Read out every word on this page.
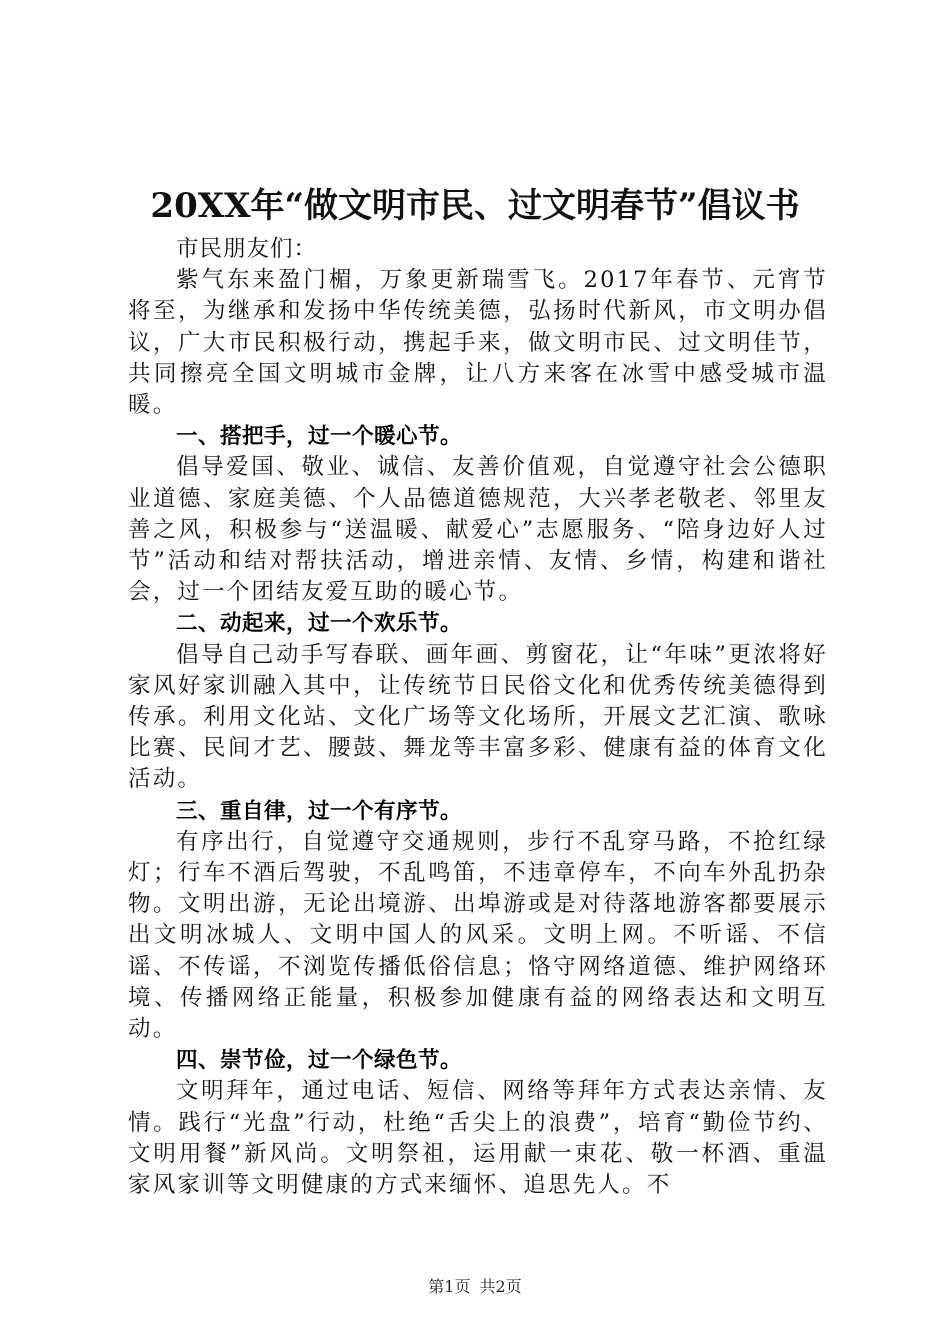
20XX年“做文明市民、过文明春节”倡议书

市民朋友们：

紫气东来盈门楣，万象更新瑞雪飞。2017年春节、元宵节将至，为继承和发扬中华传统美德，弘扬时代新风，市文明办倡议，广大市民积极行动，携起手来，做文明市民、过文明佳节，共同擦亮全国文明城市金牌，让八方来客在冰雪中感受城市温暖。

一、搭把手，过一个暖心节。

倡导爱国、敬业、诚信、友善价值观，自觉遵守社会公德职业道德、家庭美德、个人品德道德规范，大兴孝老敬老、邻里友善之风，积极参与“送温暖、献爱心”志愿服务、“陪身边好人过节”活动和结对帮扶活动，增进亲情、友情、乡情，构建和谐社会，过一个团结友爱互助的暖心节。

二、动起来，过一个欢乐节。

倡导自己动手写春联、画年画、剪窗花，让“年味”更浓将好家风好家训融入其中，让传统节日民俗文化和优秀传统美德得到传承。利用文化站、文化广场等文化场所，开展文艺汇演、歌咏比赛、民间才艺、腰鼓、舞龙等丰富多彩、健康有益的体育文化活动。

三、重自律，过一个有序节。

有序出行，自觉遵守交通规则，步行不乱穿马路，不抢红绿灯；行车不酒后驾驶，不乱鸣笛，不违章停车，不向车外乱扔杂物。文明出游，无论出境游、出埠游或是对待落地游客都要展示出文明冰城人、文明中国人的风采。文明上网。不听谣、不信谣、不传谣，不浏览传播低俗信息；恪守网络道德、维护网络环境、传播网络正能量，积极参加健康有益的网络表达和文明互动。

四、崇节俭，过一个绿色节。

文明拜年，通过电话、短信、网络等拜年方式表达亲情、友情。践行“光盘”行动，杜绝“舌尖上的浪费”，培育“勤俭节约、文明用餐”新风尚。文明祭祖，运用献一束花、敬一杯酒、重温家风家训等文明健康的方式来缅怀、追思先人。不

第1页 共2页
